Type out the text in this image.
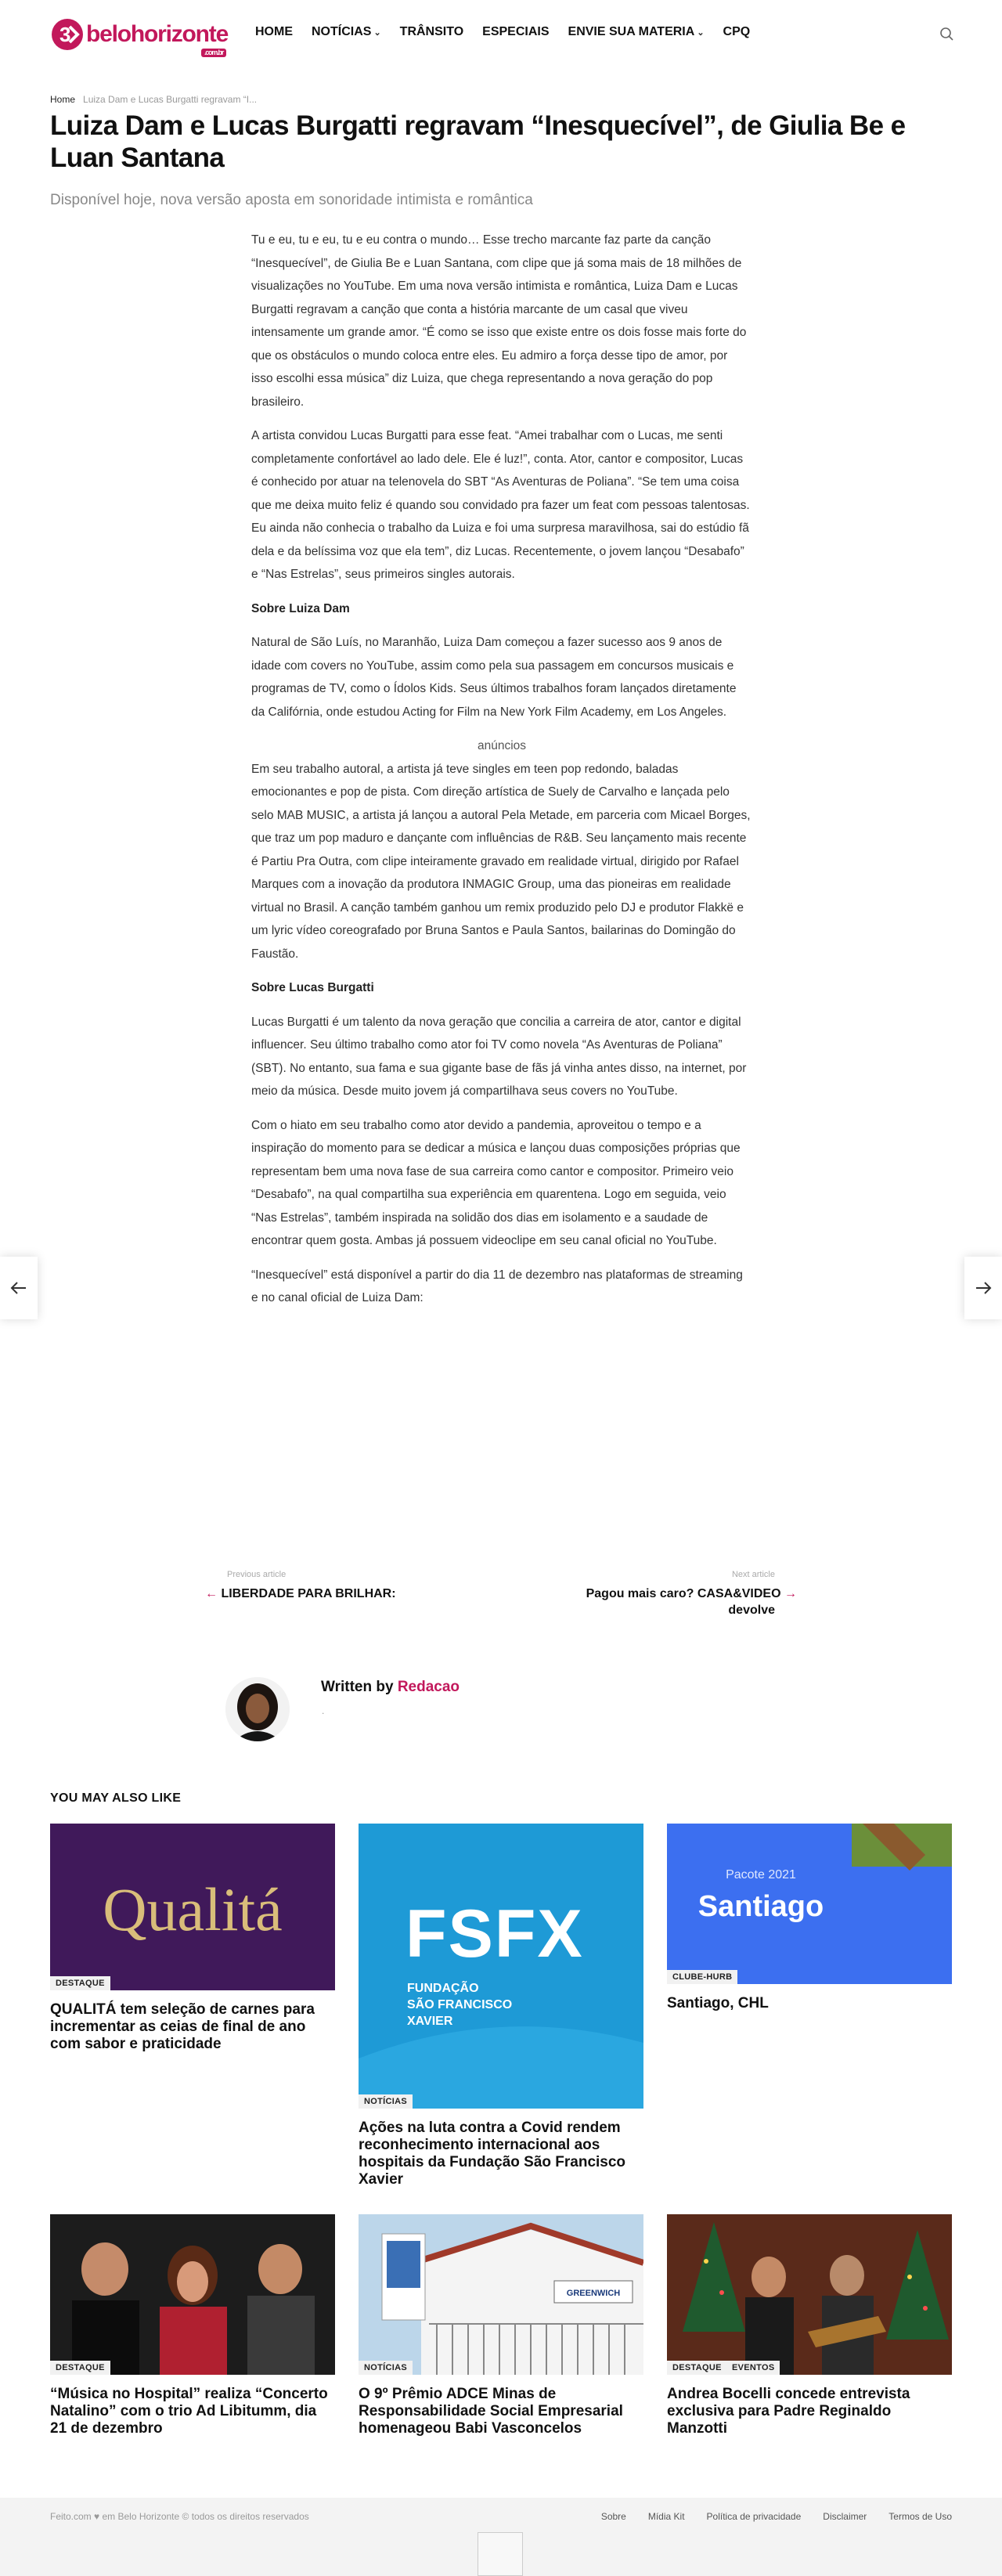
3 belohorizonte
.com.br
HOME NOTÍCIAS ⌄ TRÂNSITO ESPECIAIS ENVIE SUA MATERIA ⌄ CPQ
Home Luiza Dam e Lucas Burgatti regravam “I...
Luiza Dam e Lucas Burgatti regravam “Inesquecível”, de Giulia Be e Luan Santana
Disponível hoje, nova versão aposta em sonoridade intimista e romântica

Tu e eu, tu e eu, tu e eu contra o mundo… Esse trecho marcante faz parte da canção “Inesquecível”, de Giulia Be e Luan Santana, com clipe que já soma mais de 18 milhões de visualizações no YouTube. Em uma nova versão intimista e romântica, Luiza Dam e Lucas Burgatti regravam a canção que conta a história marcante de um casal que viveu intensamente um grande amor. “É como se isso que existe entre os dois fosse mais forte do que os obstáculos o mundo coloca entre eles. Eu admiro a força desse tipo de amor, por isso escolhi essa música” diz Luiza, que chega representando a nova geração do pop
brasileiro.

A artista convidou Lucas Burgatti para esse feat. “Amei trabalhar com o Lucas, me senti completamente confortável ao lado dele. Ele é luz!”, conta. Ator, cantor e compositor, Lucas é conhecido por atuar na telenovela do SBT “As Aventuras de Poliana”. “Se tem uma coisa que me deixa muito feliz é quando sou convidado pra fazer um feat com pessoas talentosas. Eu ainda não conhecia o trabalho da Luiza e foi uma surpresa maravilhosa, sai do estúdio fã dela e da belíssima voz que ela tem”, diz Lucas. Recentemente, o jovem lançou “Desabafo” e “Nas Estrelas”, seus primeiros singles autorais.

Sobre Luiza Dam

Natural de São Luís, no Maranhão, Luiza Dam começou a fazer sucesso aos 9 anos de idade com covers no YouTube, assim como pela sua passagem em concursos musicais e programas de TV, como o Ídolos Kids. Seus últimos trabalhos foram lançados diretamente da Califórnia, onde estudou Acting for Film na New York Film Academy, em Los Angeles.

anúncios

Em seu trabalho autoral, a artista já teve singles em teen pop redondo, baladas emocionantes e pop de pista. Com direção artística de Suely de Carvalho e lançada pelo selo MAB MUSIC, a artista já lançou a autoral Pela Metade, em parceria com Micael Borges, que traz um pop maduro e dançante com influências de R&B. Seu lançamento mais recente é Partiu Pra Outra, com clipe inteiramente gravado em realidade virtual, dirigido por Rafael Marques com a inovação da produtora INMAGIC Group, uma das pioneiras em realidade virtual no Brasil. A canção também ganhou um remix produzido pelo DJ e produtor Flakkë e um lyric vídeo coreografado por Bruna Santos e Paula Santos, bailarinas do Domingão do Faustão.

Sobre Lucas Burgatti

Lucas Burgatti é um talento da nova geração que concilia a carreira de ator, cantor e digital influencer. Seu último trabalho como ator foi TV como novela “As Aventuras de Poliana” (SBT). No entanto, sua fama e sua gigante base de fãs já vinha antes disso, na internet, por meio da música. Desde muito jovem já compartilhava seus covers no YouTube.

Com o hiato em seu trabalho como ator devido a pandemia, aproveitou o tempo e a inspiração do momento para se dedicar a música e lançou duas composições próprias que representam bem uma nova fase de sua carreira como cantor e compositor. Primeiro veio “Desabafo”, na qual compartilha sua experiência em quarentena. Logo em seguida, veio “Nas Estrelas”, também inspirada na solidão dos dias em isolamento e a saudade de encontrar quem gosta. Ambas já possuem videoclipe em seu canal oficial no YouTube.

“Inesquecível” está disponível a partir do dia 11 de dezembro nas plataformas de streaming e no canal oficial de Luiza Dam:

Previous article
← LIBERDADE PARA BRILHAR:
Next article
Pagou mais caro? CASA&VIDEO →
devolve
Written by Redacao
.
YOU MAY ALSO LIKE
Qualitá
DESTAQUE
QUALITÁ tem seleção de carnes para incrementar as ceias de final de ano com sabor e praticidade
FSFX
FUNDAÇÃO
SÃO FRANCISCO
XAVIER
NOTÍCIAS
Ações na luta contra a Covid rendem reconhecimento internacional aos hospitais da Fundação São Francisco Xavier
Pacote 2021
Santiago
CLUBE-HURB
Santiago, CHL
DESTAQUE
“Música no Hospital” realiza “Concerto Natalino” com o trio Ad Libitumm, dia 21 de dezembro
GREENWICH
NOTÍCIAS
O 9º Prêmio ADCE Minas de Responsabilidade Social Empresarial homenageou Babi Vasconcelos
DESTAQUE	EVENTOS
Andrea Bocelli concede entrevista exclusiva para Padre Reginaldo Manzotti
Feito.com ♥ em Belo Horizonte © todos os direitos reservados	Sobre Mídia Kit Política de privacidade Disclaimer Termos de Uso
